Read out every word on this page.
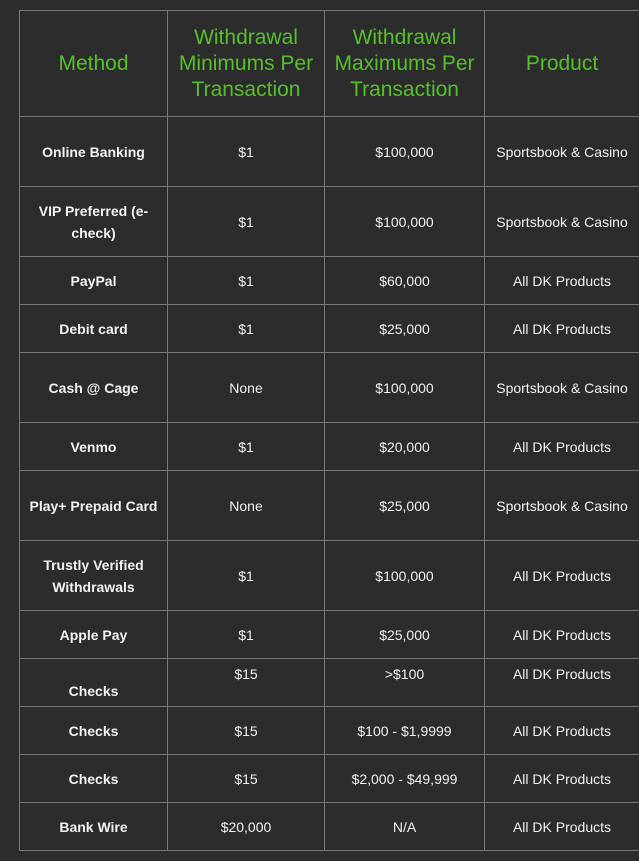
Method	Withdrawal Minimums Per Transaction	Withdrawal Maximums Per Transaction	Product
Online Banking	$1	$100,000	Sportsbook & Casino
VIP Preferred (e-check)	$1	$100,000	Sportsbook & Casino
PayPal	$1	$60,000	All DK Products
Debit card	$1	$25,000	All DK Products
Cash @ Cage	None	$100,000	Sportsbook & Casino
Venmo	$1	$20,000	All DK Products
Play+ Prepaid Card	None	$25,000	Sportsbook & Casino
Trustly Verified Withdrawals	$1	$100,000	All DK Products
Apple Pay	$1	$25,000	All DK Products
Checks	$15	>$100	All DK Products
Checks	$15	$100 - $1,9999	All DK Products
Checks	$15	$2,000 - $49,999	All DK Products
Bank Wire	$20,000	N/A	All DK Products
